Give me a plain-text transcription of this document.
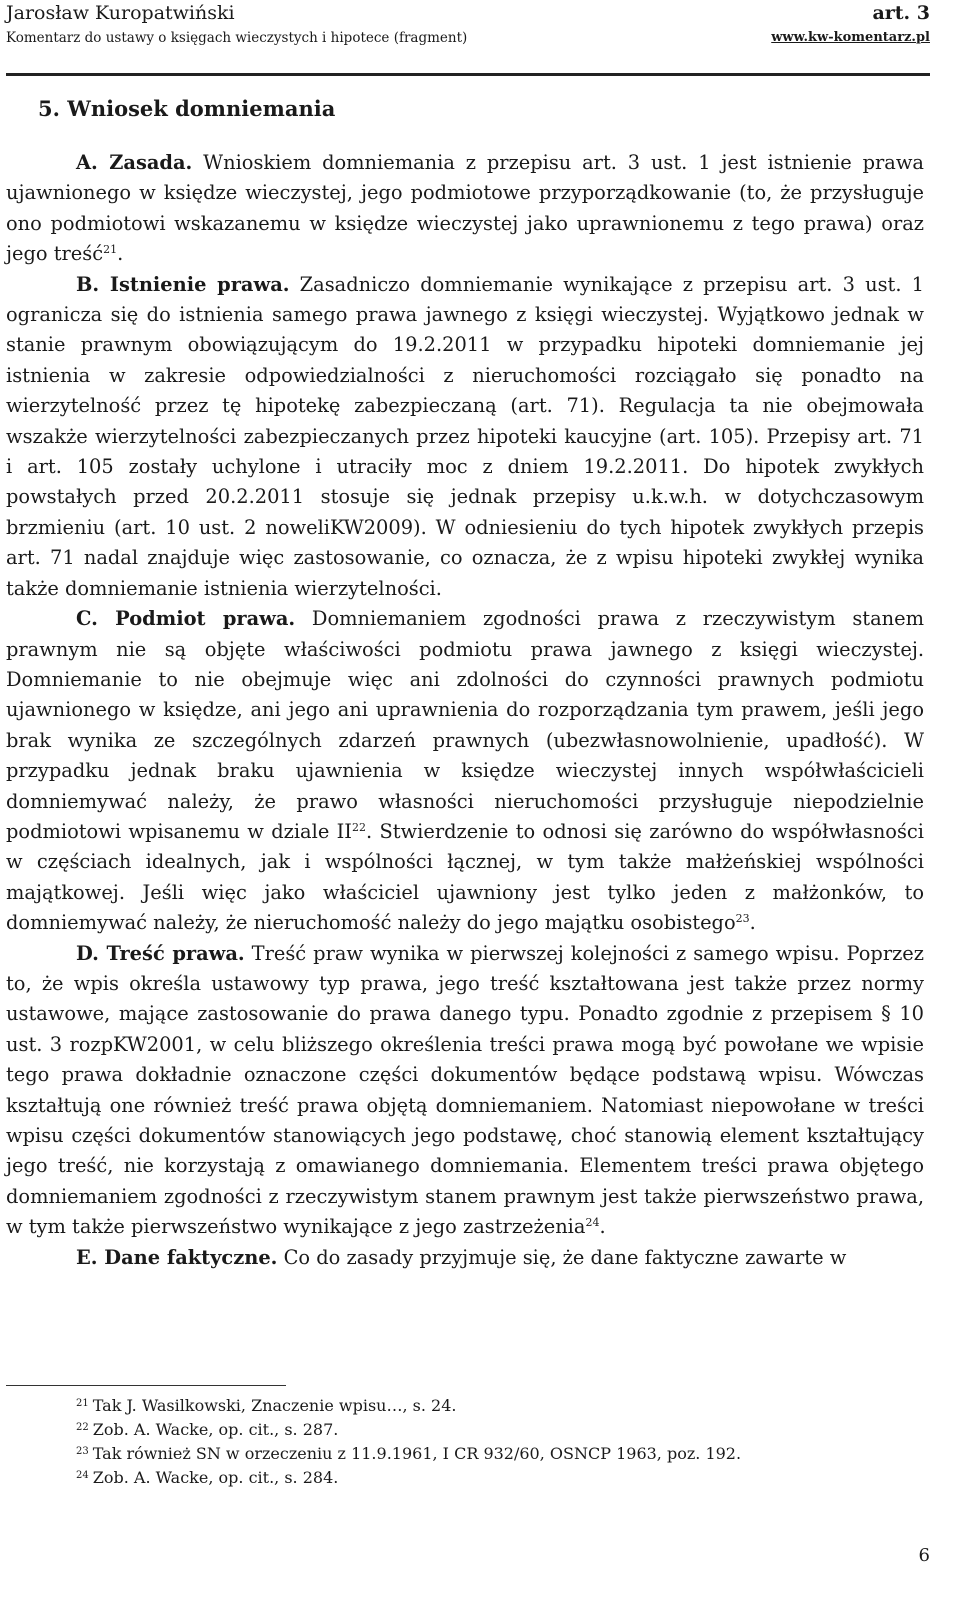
Jarosław Kuropatwiński
Komentarz do ustawy o księgach wieczystych i hipotece (fragment)
art. 3
www.kw-komentarz.pl
5. Wniosek domniemania

A. Zasada. Wnioskiem domniemania z przepisu art. 3 ust. 1 jest istnienie prawa ujawnionego w księdze wieczystej, jego podmiotowe przyporządkowanie (to, że przysługuje ono podmiotowi wskazanemu w księdze wieczystej jako uprawnionemu z tego prawa) oraz jego treść$^{21}$.

B. Istnienie prawa. Zasadniczo domniemanie wynikające z przepisu art. 3 ust. 1 ogranicza się do istnienia samego prawa jawnego z księgi wieczystej. Wyjątkowo jednak w stanie prawnym obowiązującym do 19.2.2011 w przypadku hipoteki domniemanie jej istnienia w zakresie odpowiedzialności z nieruchomości rozciągało się ponadto na wierzytelność przez tę hipotekę zabezpieczaną (art. 71). Regulacja ta nie obejmowała wszakże wierzytelności zabezpieczanych przez hipoteki kaucyjne (art. 105). Przepisy art. 71 i art. 105 zostały uchylone i utraciły moc z dniem 19.2.2011. Do hipotek zwykłych powstałych przed 20.2.2011 stosuje się jednak przepisy u.k.w.h. w dotychczasowym brzmieniu (art. 10 ust. 2 noweliKW2009). W odniesieniu do tych hipotek zwykłych przepis art. 71 nadal znajduje więc zastosowanie, co oznacza, że z wpisu hipoteki zwykłej wynika także domniemanie istnienia wierzytelności.

C. Podmiot prawa. Domniemaniem zgodności prawa z rzeczywistym stanem prawnym nie są objęte właściwości podmiotu prawa jawnego z księgi wieczystej. Domniemanie to nie obejmuje więc ani zdolności do czynności prawnych podmiotu ujawnionego w księdze, ani jego ani uprawnienia do rozporządzania tym prawem, jeśli jego brak wynika ze szczególnych zdarzeń prawnych (ubezwłasnowolnienie, upadłość). W przypadku jednak braku ujawnienia w księdze wieczystej innych współwłaścicieli domniemywać należy, że prawo własności nieruchomości przysługuje niepodzielnie podmiotowi wpisanemu w dziale II$^{22}$. Stwierdzenie to odnosi się zarówno do współwłasności w częściach idealnych, jak i wspólności łącznej, w tym także małżeńskiej wspólności majątkowej. Jeśli więc jako właściciel ujawniony jest tylko jeden z małżonków, to domniemywać należy, że nieruchomość należy do jego majątku osobistego$^{23}$.

D. Treść prawa. Treść praw wynika w pierwszej kolejności z samego wpisu. Poprzez to, że wpis określa ustawowy typ prawa, jego treść kształtowana jest także przez normy ustawowe, mające zastosowanie do prawa danego typu. Ponadto zgodnie z przepisem § 10 ust. 3 rozpKW2001, w celu bliższego określenia treści prawa mogą być powołane we wpisie tego prawa dokładnie oznaczone części dokumentów będące podstawą wpisu. Wówczas kształtują one również treść prawa objętą domniemaniem. Natomiast niepowołane w treści wpisu części dokumentów stanowiących jego podstawę, choć stanowią element kształtujący jego treść, nie korzystają z omawianego domniemania. Elementem treści prawa objętego domniemaniem zgodności z rzeczywistym stanem prawnym jest także pierwszeństwo prawa, w tym także pierwszeństwo wynikające z jego zastrzeżenia$^{24}$.

E. Dane faktyczne. Co do zasady przyjmuje się, że dane faktyczne zawarte w

$^{21}$ Tak J. Wasilkowski, Znaczenie wpisu…, s. 24.

$^{22}$ Zob. A. Wacke, op. cit., s. 287.

$^{23}$ Tak również SN w orzeczeniu z 11.9.1961, I CR 932/60, OSNCP 1963, poz. 192.

$^{24}$ Zob. A. Wacke, op. cit., s. 284.

6
